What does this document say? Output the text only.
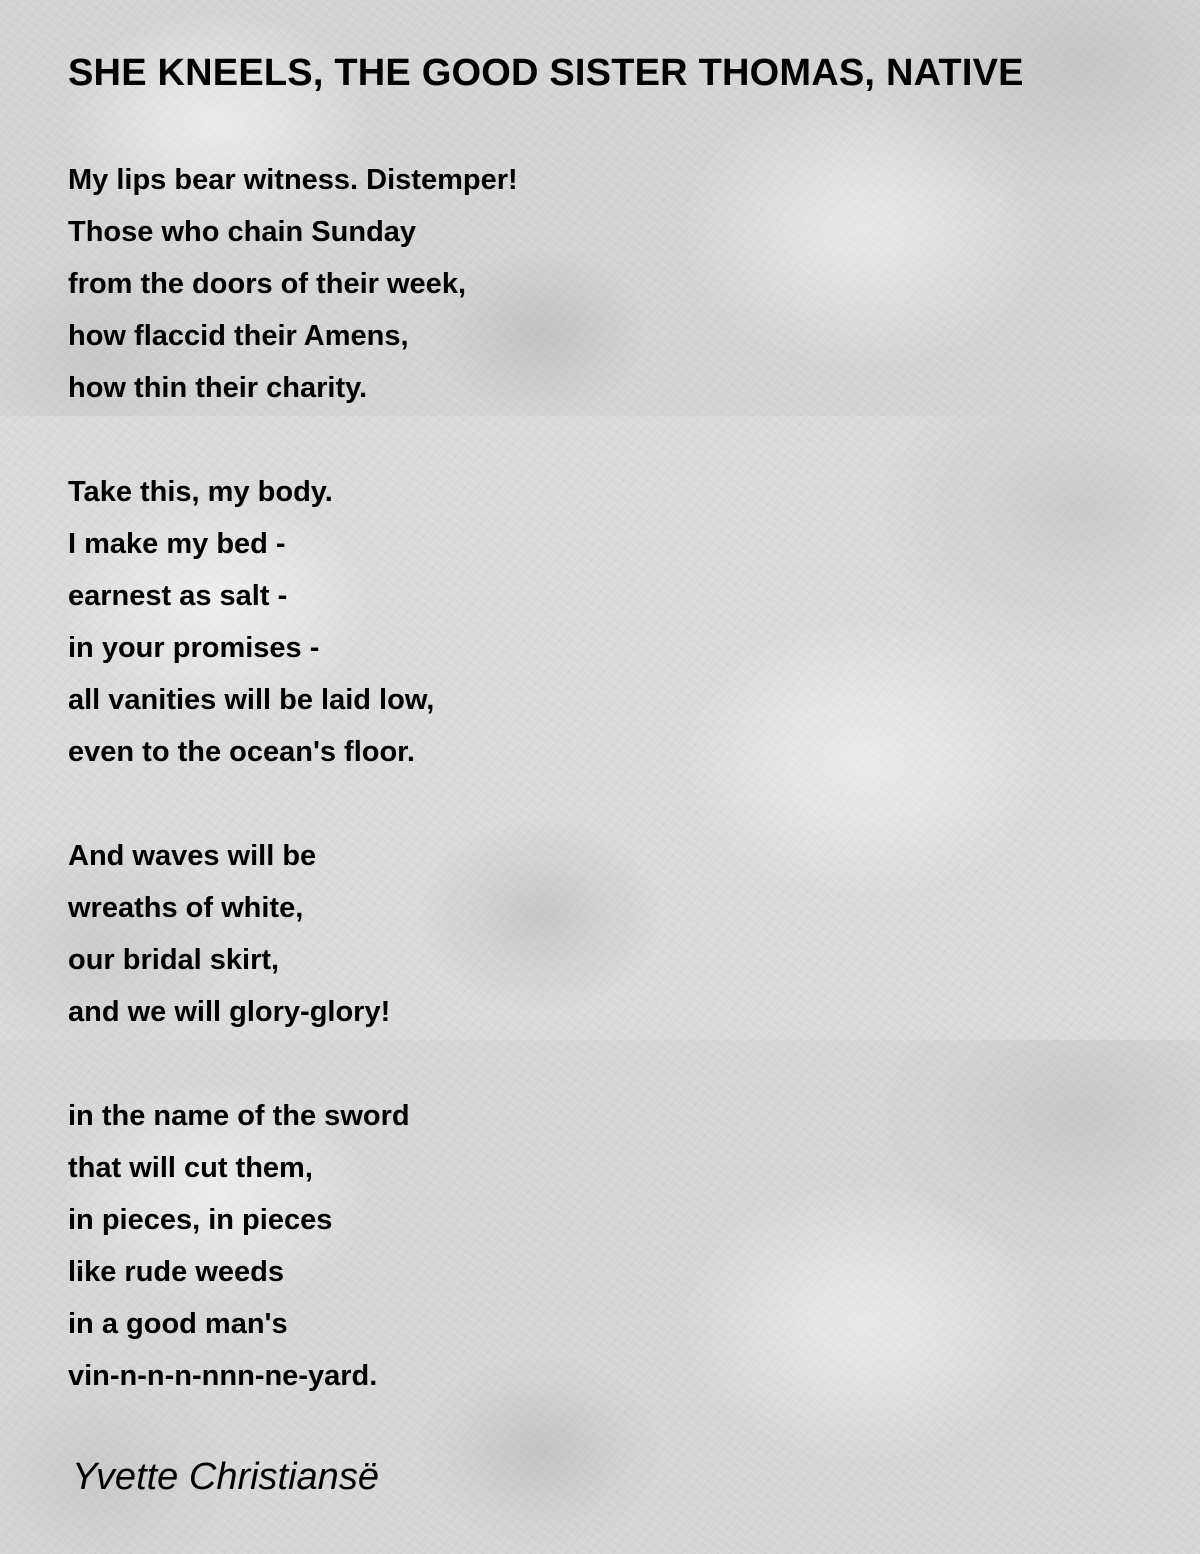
SHE KNEELS, THE GOOD SISTER THOMAS, NATIVE
My lips bear witness. Distemper!
Those who chain Sunday
from the doors of their week,
how flaccid their Amens,
how thin their charity.
Take this, my body.
I make my bed -
earnest as salt -
in your promises -
all vanities will be laid low,
even to the ocean's floor.
And waves will be
wreaths of white,
our bridal skirt,
and we will glory-glory!
in the name of the sword
that will cut them,
in pieces, in pieces
like rude weeds
in a good man's
vin-n-n-n-nnn-ne-yard.
Yvette Christiansë
